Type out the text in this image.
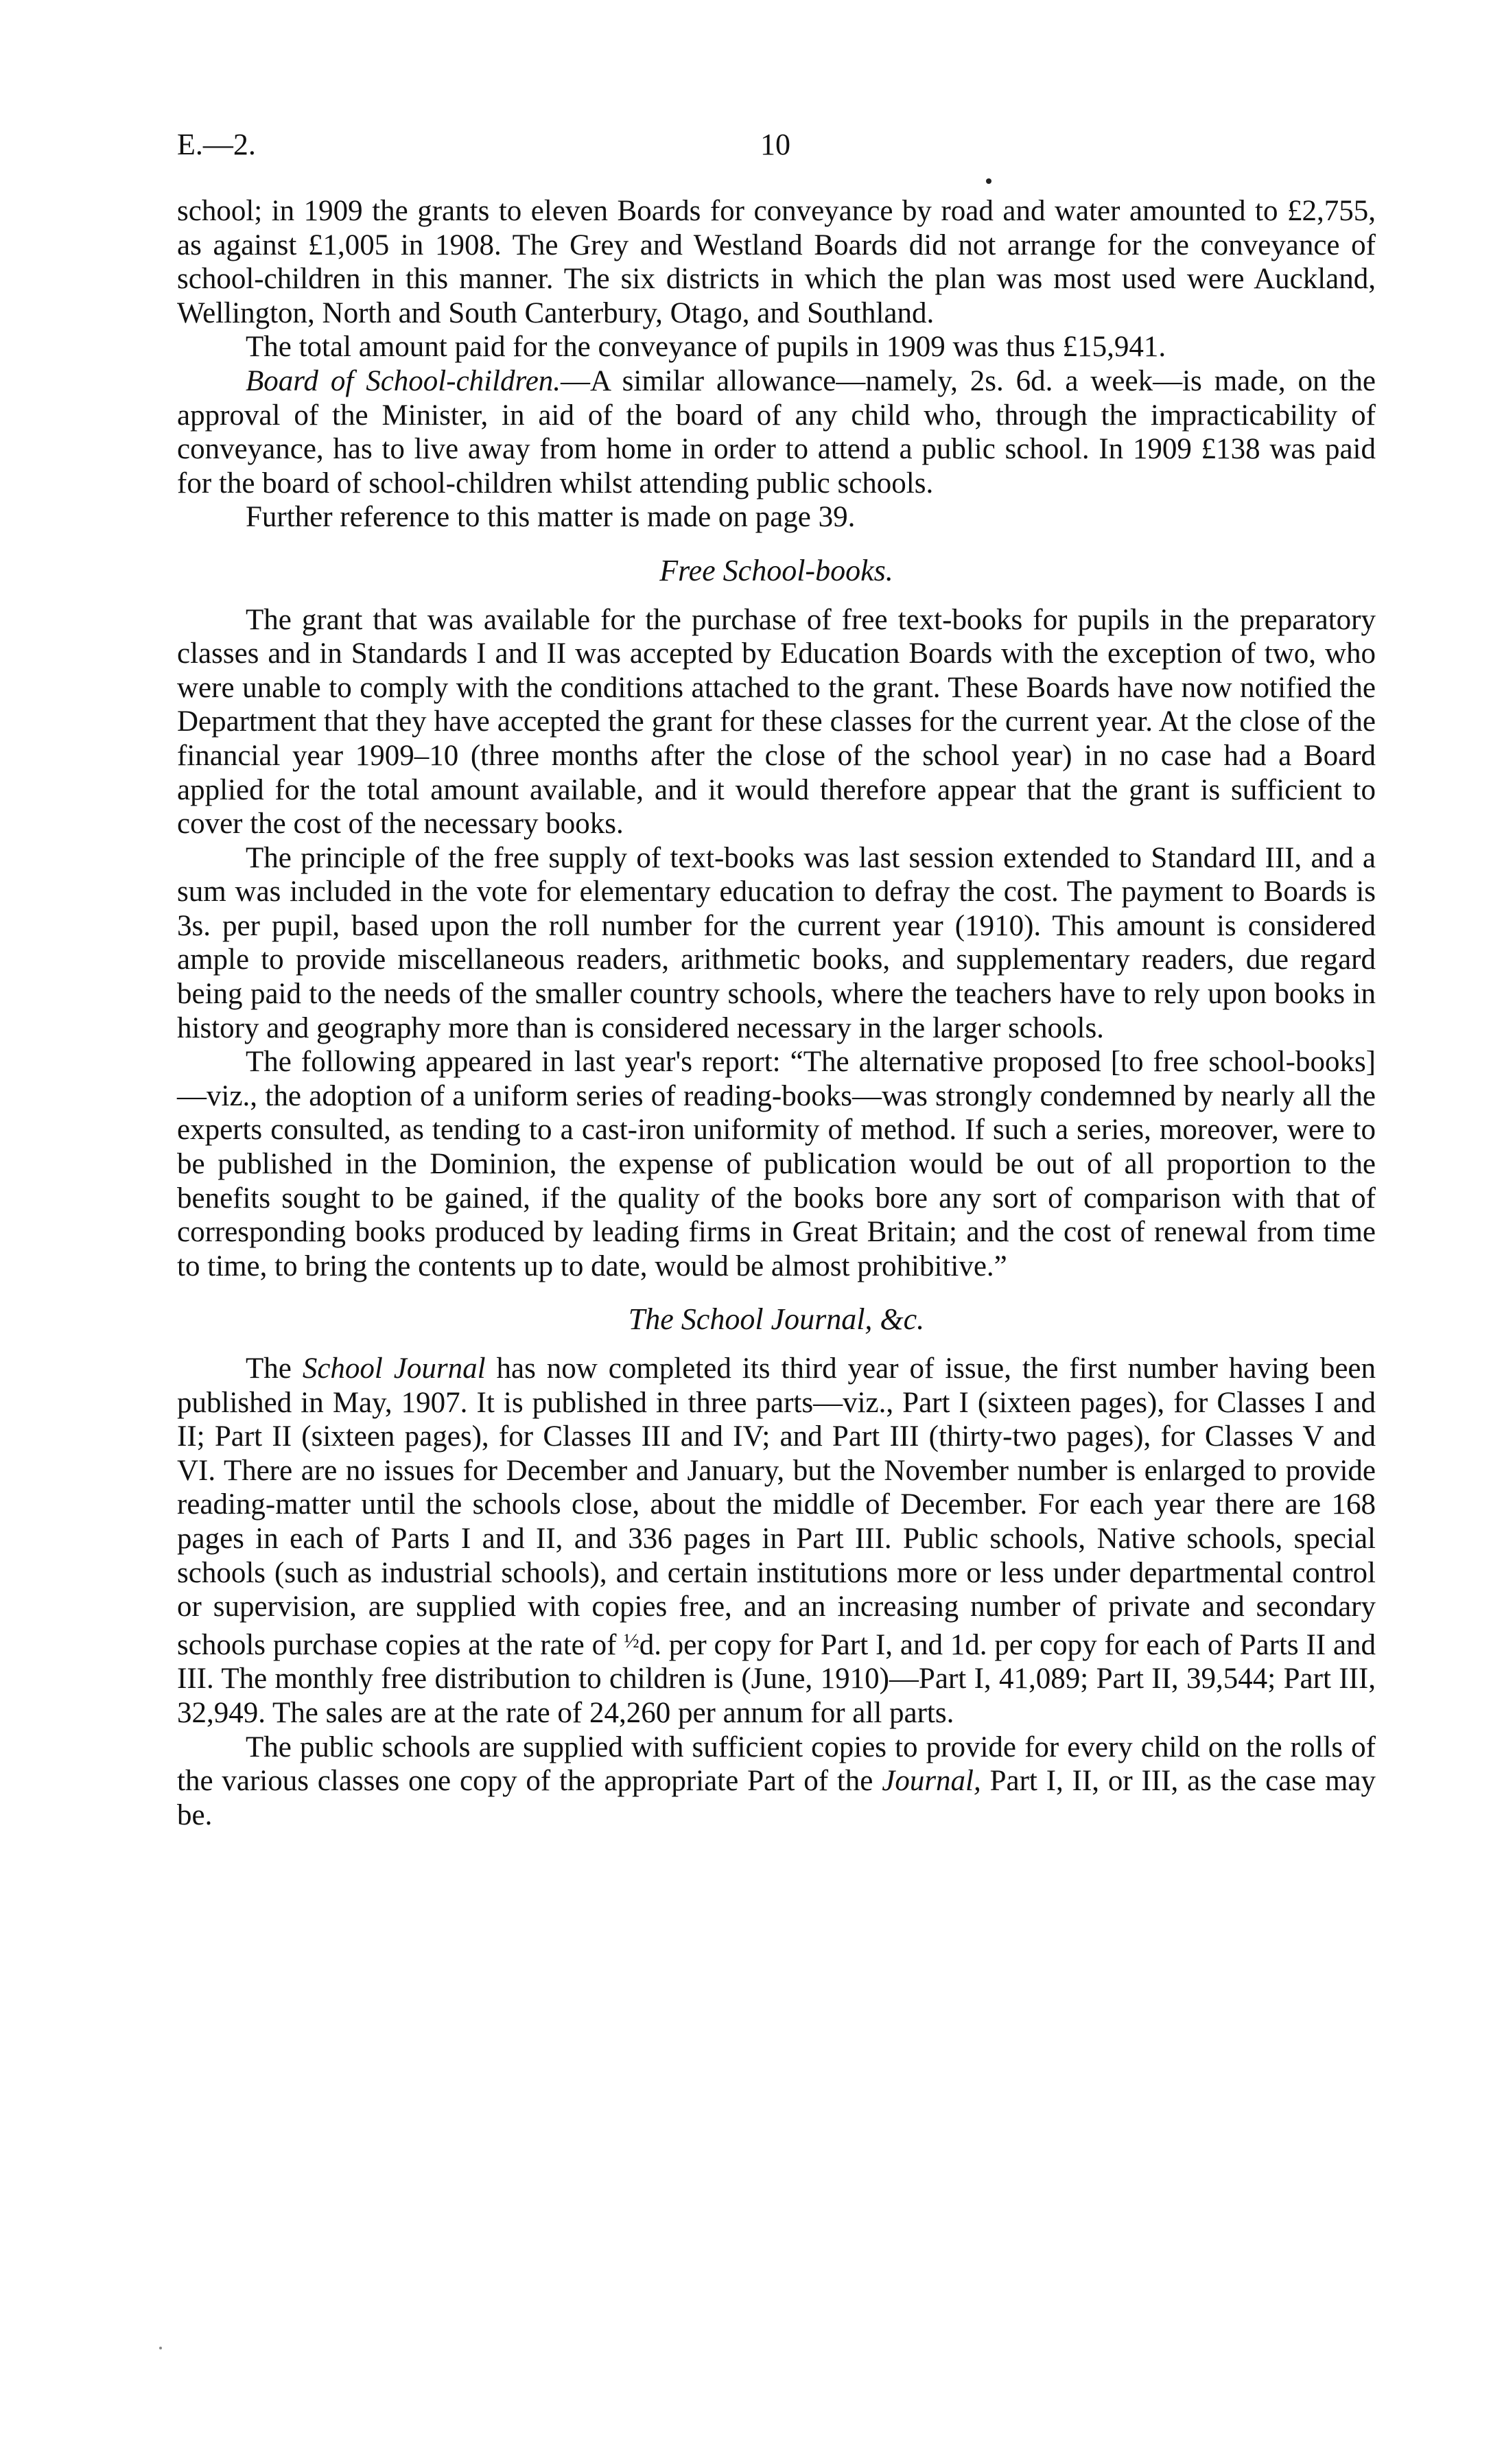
E.—2.	10

school; in 1909 the grants to eleven Boards for conveyance by road and water amounted to £2,755, as against £1,005 in 1908. The Grey and Westland Boards did not arrange for the conveyance of school-children in this manner. The six districts in which the plan was most used were Auckland, Wellington, North and South Canterbury, Otago, and Southland.

The total amount paid for the conveyance of pupils in 1909 was thus £15,941.

Board of School-children.—A similar allowance—namely, 2s. 6d. a week—is made, on the approval of the Minister, in aid of the board of any child who, through the impracticability of conveyance, has to live away from home in order to attend a public school. In 1909 £138 was paid for the board of school-children whilst attending public schools.

Further reference to this matter is made on page 39.

Free School-books.

The grant that was available for the purchase of free text-books for pupils in the preparatory classes and in Standards I and II was accepted by Education Boards with the exception of two, who were unable to comply with the conditions attached to the grant. These Boards have now notified the Department that they have accepted the grant for these classes for the current year. At the close of the financial year 1909–10 (three months after the close of the school year) in no case had a Board applied for the total amount available, and it would therefore appear that the grant is sufficient to cover the cost of the necessary books.

The principle of the free supply of text-books was last session extended to Standard III, and a sum was included in the vote for elementary education to defray the cost. The payment to Boards is 3s. per pupil, based upon the roll number for the current year (1910). This amount is considered ample to provide miscellaneous readers, arithmetic books, and supplementary readers, due regard being paid to the needs of the smaller country schools, where the teachers have to rely upon books in history and geography more than is considered necessary in the larger schools.

The following appeared in last year's report: “The alternative proposed [to free school-books]—viz., the adoption of a uniform series of reading-books—was strongly condemned by nearly all the experts consulted, as tending to a cast-iron uniformity of method. If such a series, moreover, were to be published in the Dominion, the expense of publication would be out of all proportion to the benefits sought to be gained, if the quality of the books bore any sort of comparison with that of corresponding books produced by leading firms in Great Britain; and the cost of renewal from time to time, to bring the contents up to date, would be almost prohibitive.”

The School Journal, &c.

The School Journal has now completed its third year of issue, the first number having been published in May, 1907. It is published in three parts—viz., Part I (sixteen pages), for Classes I and II; Part II (sixteen pages), for Classes III and IV; and Part III (thirty-two pages), for Classes V and VI. There are no issues for December and January, but the November number is enlarged to provide reading-matter until the schools close, about the middle of December. For each year there are 168 pages in each of Parts I and II, and 336 pages in Part III. Public schools, Native schools, special schools (such as industrial schools), and certain institutions more or less under departmental control or supervision, are supplied with copies free, and an increasing number of private and secondary schools purchase copies at the rate of $^{\frac{1}{2}}$d. per copy for Part I, and 1d. per copy for each of Parts II and III. The monthly free distribution to children is (June, 1910)—Part I, 41,089; Part II, 39,544; Part III, 32,949. The sales are at the rate of 24,260 per annum for all parts.

The public schools are supplied with sufficient copies to provide for every child on the rolls of the various classes one copy of the appropriate Part of the Journal, Part I, II, or III, as the case may be.
